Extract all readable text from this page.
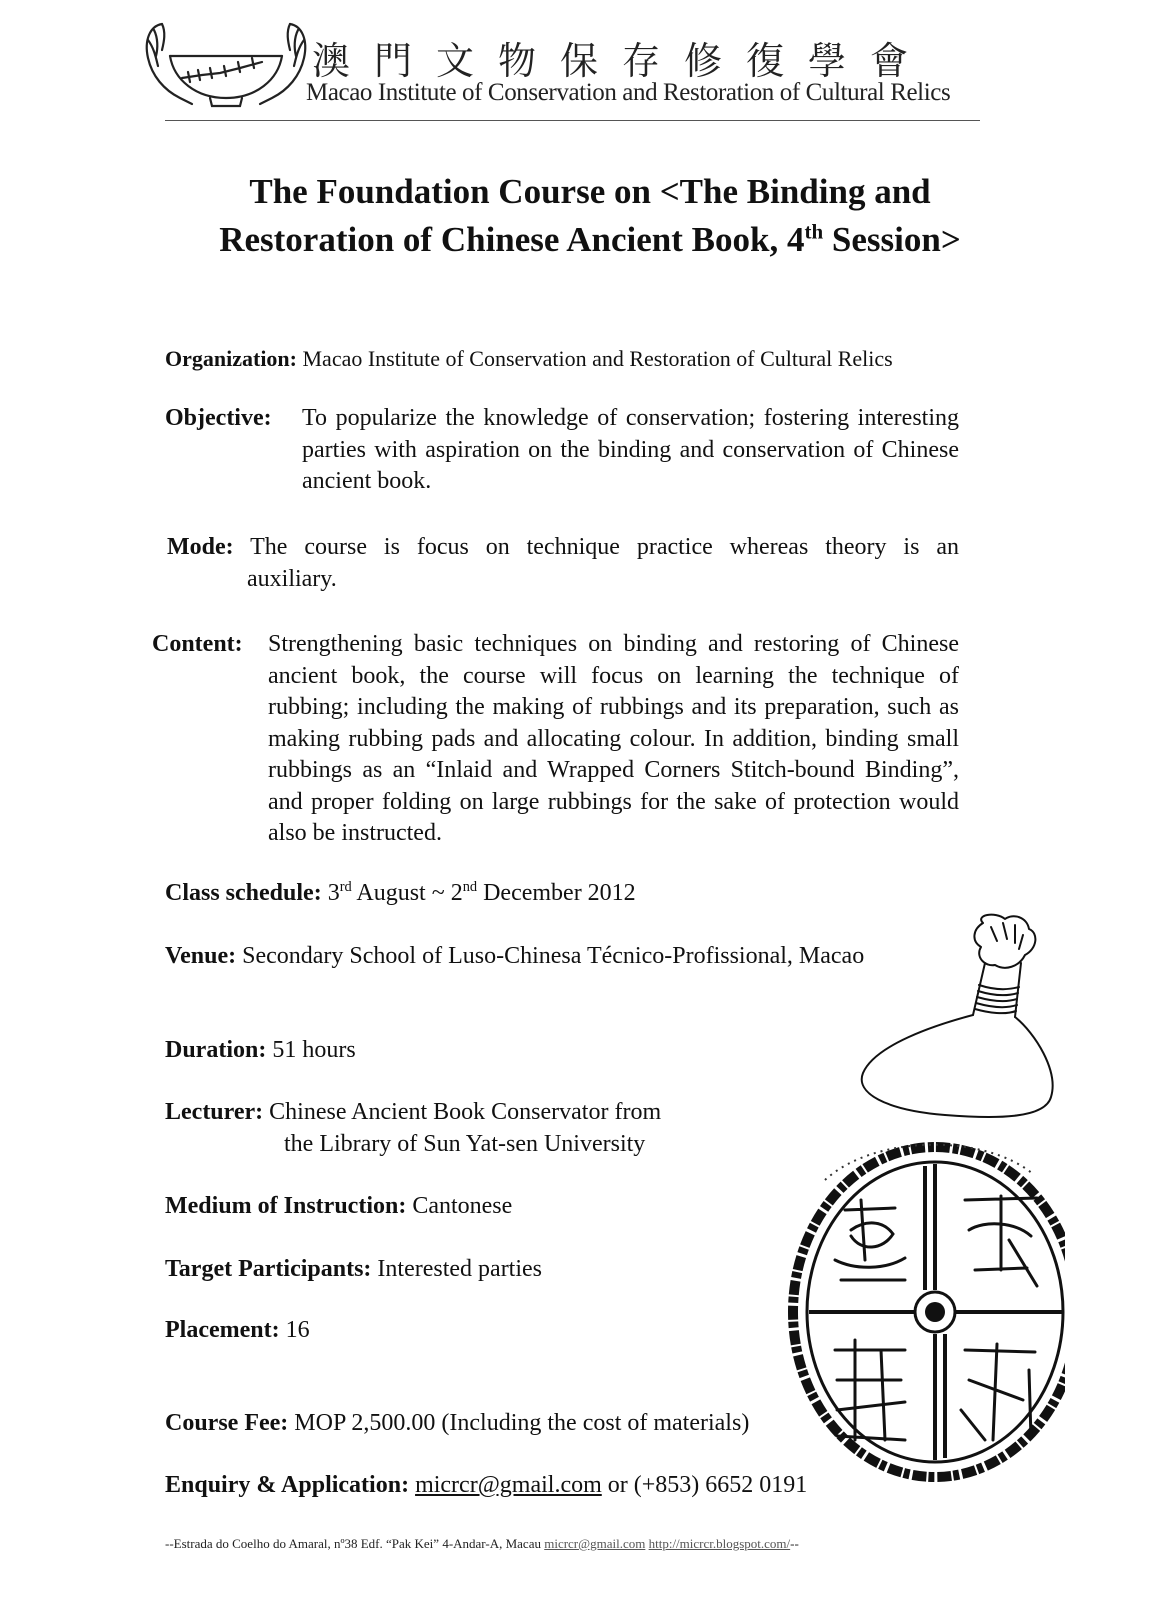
澳門文物保存修復學會
Macao Institute of Conservation and Restoration of Cultural Relics
The Foundation Course on <The Binding and
Restoration of Chinese Ancient Book, 4th Session>
Organization: Macao Institute of Conservation and Restoration of Cultural Relics
Objective: To popularize the knowledge of conservation; fostering interesting parties with aspiration on the binding and conservation of Chinese ancient book.
Mode: The course is focus on technique practice whereas theory is an
auxiliary.
Content: Strengthening basic techniques on binding and restoring of Chinese ancient book, the course will focus on learning the technique of rubbing; including the making of rubbings and its preparation, such as making rubbing pads and allocating colour. In addition, binding small rubbings as an “Inlaid and Wrapped Corners Stitch-bound Binding”, and proper folding on large rubbings for the sake of protection would also be instructed.
Class schedule: 3rd August ~ 2nd December 2012
Venue: Secondary School of Luso-Chinesa Técnico-Profissional, Macao
Duration: 51 hours
Lecturer: Chinese Ancient Book Conservator from
the Library of Sun Yat-sen University
Medium of Instruction: Cantonese
Target Participants: Interested parties
Placement: 16
Course Fee: MOP 2,500.00 (Including the cost of materials)
Enquiry & Application: micrcr@gmail.com or (+853) 6652 0191
--Estrada do Coelho do Amaral, nº38 Edf. “Pak Kei” 4-Andar-A, Macau micrcr@gmail.com http://micrcr.blogspot.com/--
